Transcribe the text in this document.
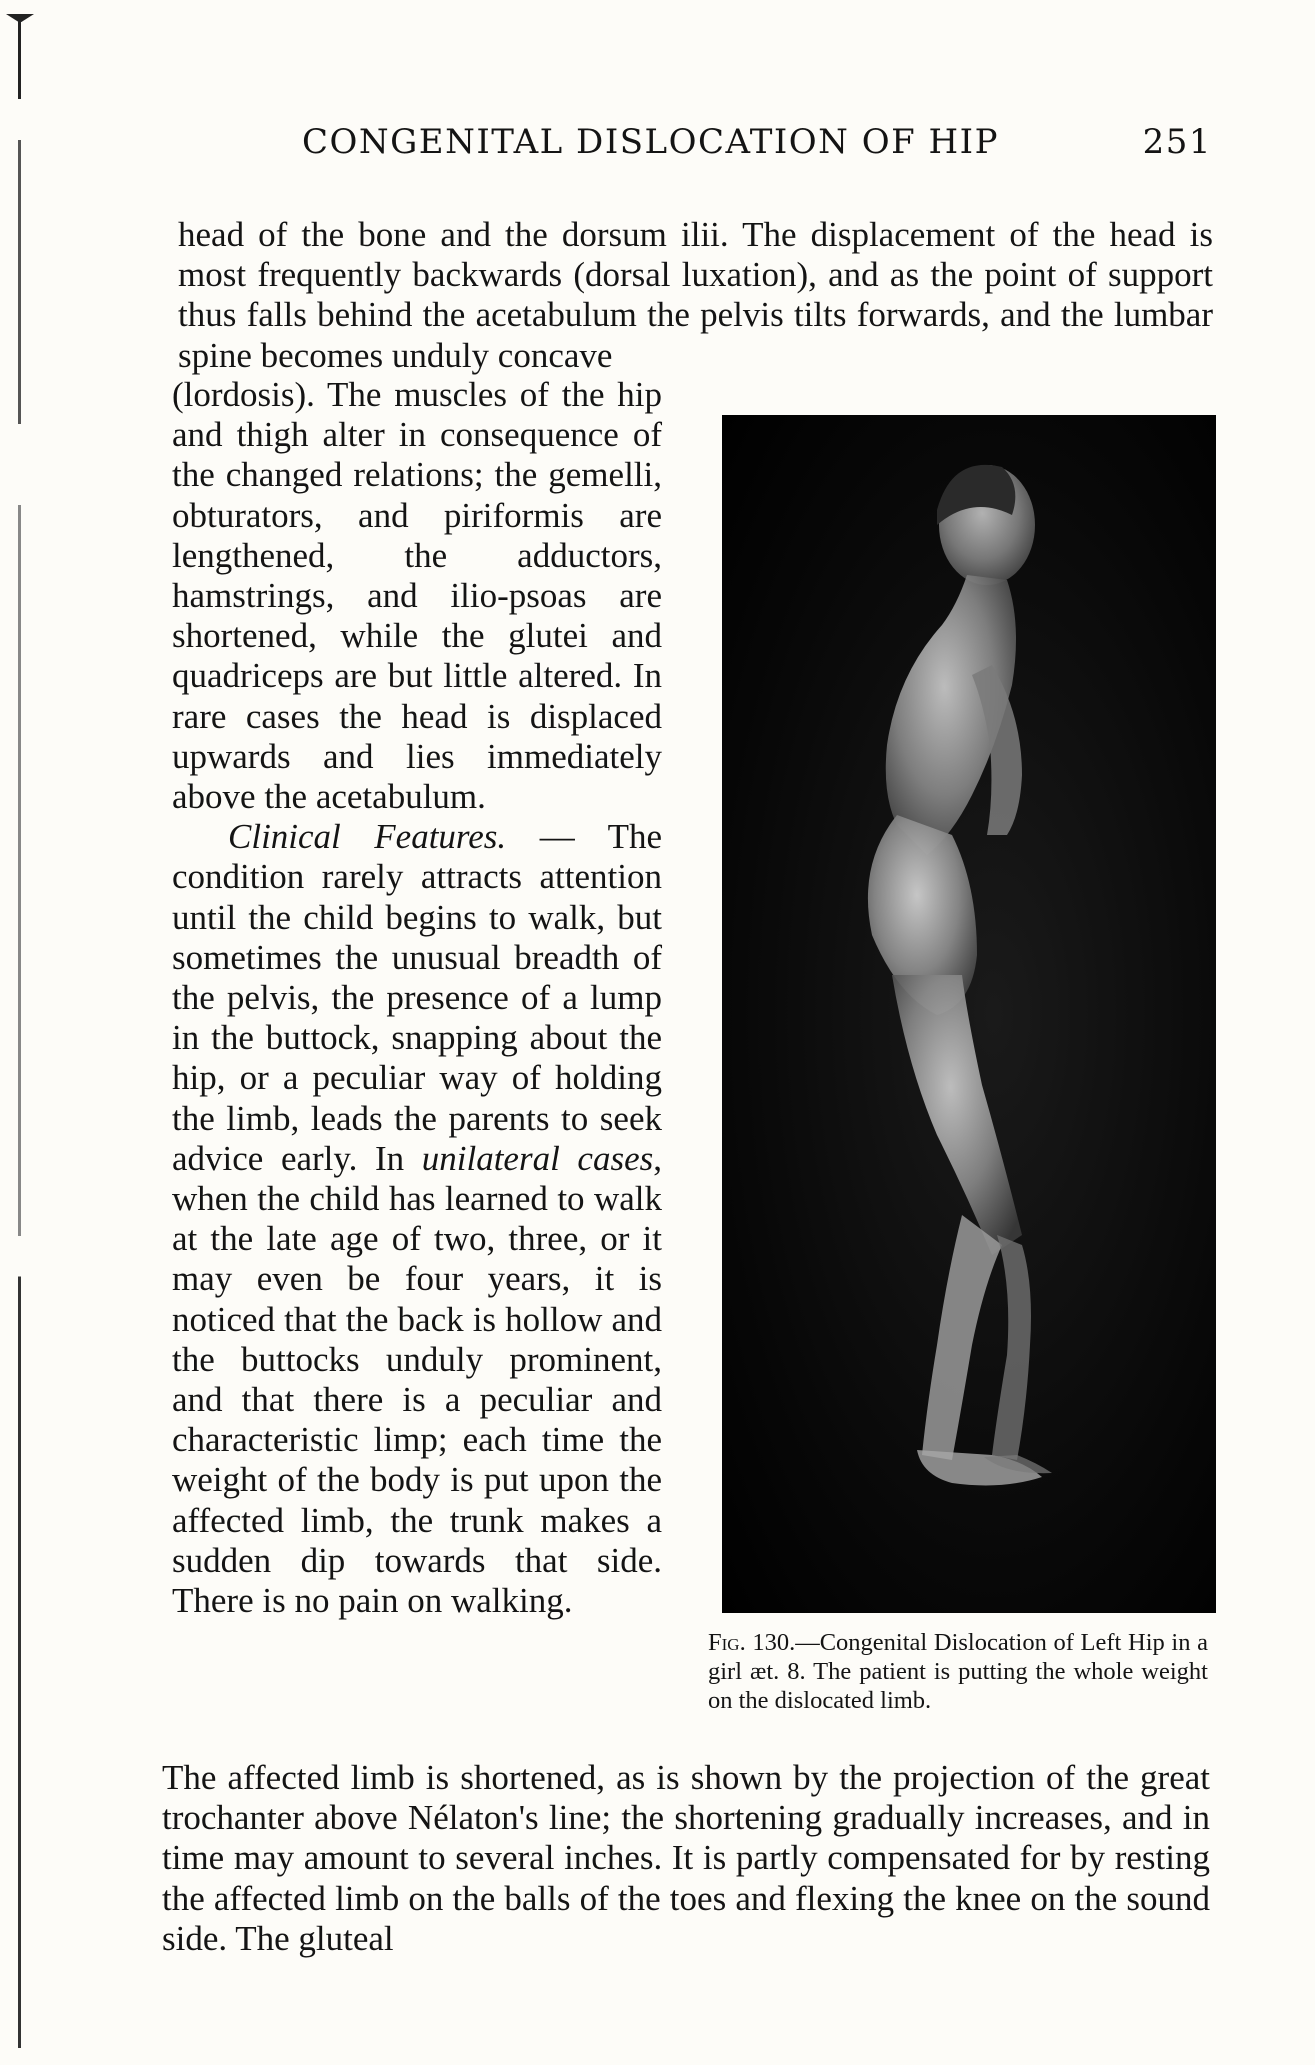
CONGENITAL DISLOCATION OF HIP	251

head of the bone and the dorsum ilii. The displacement of the head is most frequently backwards (dorsal luxation), and as the point of support thus falls behind the acetabulum the pelvis tilts forwards, and the lumbar spine becomes unduly concave

(lordosis). The muscles of the hip and thigh alter in consequence of the changed relations; the gemelli, obturators, and piriformis are lengthened, the adductors, hamstrings, and ilio-psoas are shortened, while the glutei and quadriceps are but little altered. In rare cases the head is displaced upwards and lies immediately above the acetabulum.

Clinical Features. — The condition rarely attracts attention until the child begins to walk, but sometimes the unusual breadth of the pelvis, the presence of a lump in the buttock, snapping about the hip, or a peculiar way of holding the limb, leads the parents to seek advice early. In unilateral cases, when the child has learned to walk at the late age of two, three, or it may even be four years, it is noticed that the back is hollow and the buttocks unduly prominent, and that there is a peculiar and characteristic limp; each time the weight of the body is put upon the affected limb, the trunk makes a sudden dip towards that side. There is no pain on walking.

Fig. 130.—Congenital Dislocation of Left Hip in a girl æt. 8. The patient is putting the whole weight on the dislocated limb.

The affected limb is shortened, as is shown by the projection of the great trochanter above Nélaton's line; the shortening gradually increases, and in time may amount to several inches. It is partly compensated for by resting the affected limb on the balls of the toes and flexing the knee on the sound side. The gluteal
